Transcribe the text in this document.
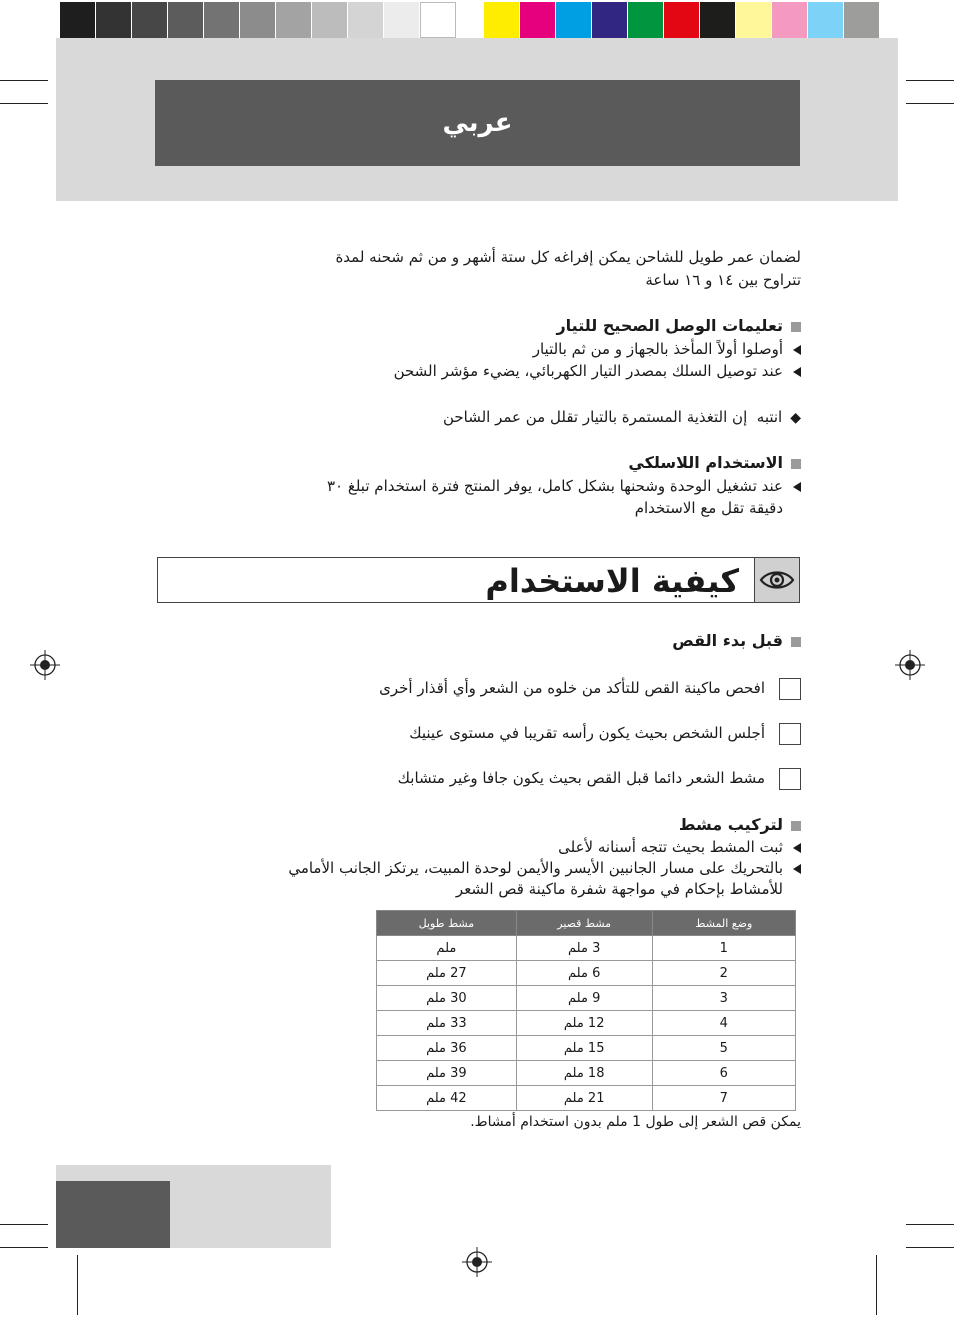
عربي
لضمان عمر طويل للشاحن يمكن إفراغه كل ستة أشهر و من ثم شحنه لمدة
تتراوح بين ١٤ و ١٦ ساعة
تعليمات الوصل الصحيح للتيار
أوصلوا أولاً المأخذ بالجهاز و من ثم بالتيار
عند توصيل السلك بمصدر التيار الكهربائي، يضيء مؤشر الشحن
◆انتبه  إن التغذية المستمرة بالتيار تقلل من عمر الشاحن
الاستخدام اللاسلكي
عند تشغيل الوحدة وشحنها بشكل كامل، يوفر المنتج فترة استخدام تبلغ ٣٠
دقيقة تقل مع الاستخدام
كيفية الاستخدام
قبل بدء القص
افحص ماكينة القص للتأكد من خلوه من الشعر وأي أقذار أخرى
أجلس الشخص بحيث يكون رأسه تقريبا في مستوى عينيك
مشط الشعر دائما قبل القص بحيث يكون جافا وغير متشابك
لتركيب مشط
ثبت المشط بحيث تتجه أسنانه لأعلى
بالتحريك على مسار الجانبين الأيسر والأيمن لوحدة المبيت، يرتكز الجانب الأمامي
للأمشاط بإحكام في مواجهة شفرة ماكينة قص الشعر
وضع المشط	مشط قصير	مشط طويل
1	3 ملم	ملم
2	6 ملم	27 ملم
3	9 ملم	30 ملم
4	12 ملم	33 ملم
5	15 ملم	36 ملم
6	18 ملم	39 ملم
7	21 ملم	42 ملم
يمكن قص الشعر إلى طول 1 ملم بدون استخدام أمشاط.
